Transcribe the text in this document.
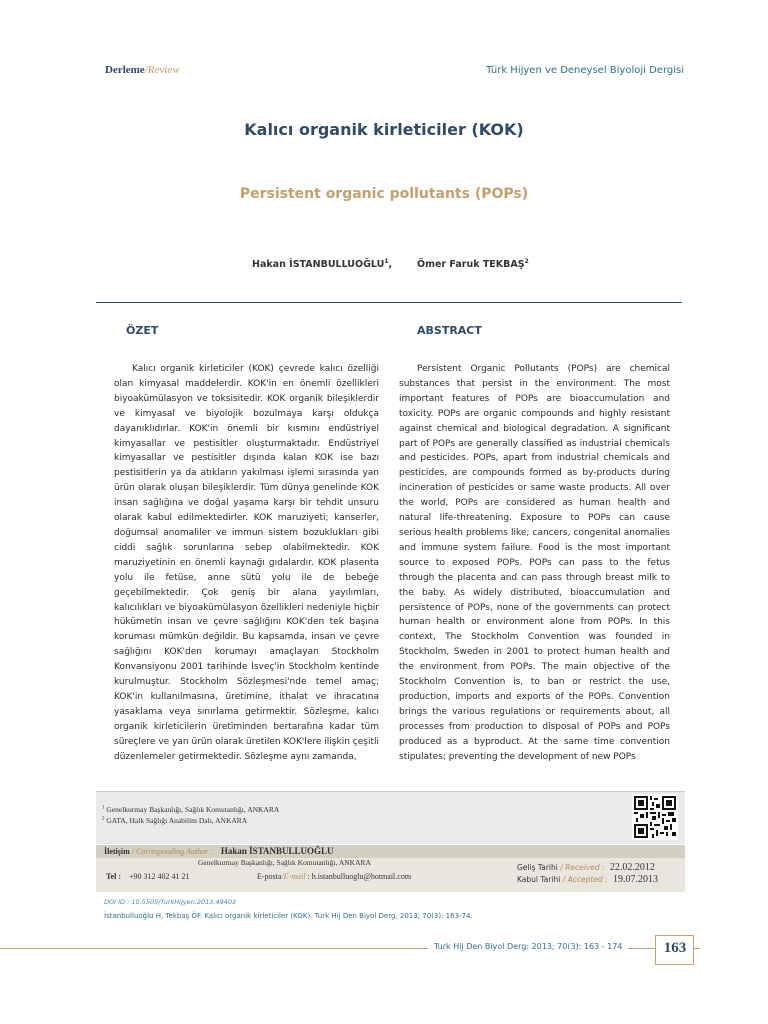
Derleme/Review	Türk Hijyen ve Deneysel Biyoloji Dergisi
Kalıcı organik kirleticiler (KOK)
Persistent organic pollutants (POPs)
Hakan İSTANBULLUOĞLU$^1$,	Ömer Faruk TEKBAŞ$^2$
ÖZET	ABSTRACT

Kalıcı organik kirleticiler (KOK) çevrede kalıcı özelliği olan kimyasal maddelerdir. KOK'in en önemli özellikleri biyoakümülasyon ve toksisitedir. KOK organik bileşiklerdir ve kimyasal ve biyolojik bozulmaya karşı oldukça dayanıklıdırlar. KOK'in önemli bir kısmını endüstriyel kimyasallar ve pestisitler oluşturmaktadır. Endüstriyel kimyasallar ve pestisitler dışında kalan KOK ise bazı pestisitlerin ya da atıkların yakılması işlemi sırasında yan ürün olarak oluşan bileşiklerdir. Tüm dünya genelinde KOK insan sağlığına ve doğal yaşama karşı bir tehdit unsuru olarak kabul edilmektedirler. KOK maruziyeti; kanserler, doğumsal anomaliler ve immun sistem bozuklukları gibi ciddi sağlık sorunlarına sebep olabilmektedir. KOK maruziyetinin en önemli kaynağı gıdalardır. KOK plasenta yolu ile fetüse, anne sütü yolu ile de bebeğe geçebilmektedir. Çok geniş bir alana yayılımları, kalıcılıkları ve biyoakümülasyon özellikleri nedeniyle hiçbir hükümetin insan ve çevre sağlığını KOK'den tek başına koruması mümkün değildir. Bu kapsamda, insan ve çevre sağlığını KOK'den korumayı amaçlayan Stockholm Konvansiyonu 2001 tarihinde İsveç'in Stockholm kentinde kurulmuştur. Stockholm Sözleşmesi'nde temel amaç; KOK'in kullanılmasına, üretimine, ithalat ve ihracatına yasaklama veya sınırlama getirmektir. Sözleşme, kalıcı organik kirleticilerin üretiminden bertarafına kadar tüm süreçlere ve yan ürün olarak üretilen KOK'lere ilişkin çeşitli düzenlemeler getirmektedir. Sözleşme aynı zamanda,

Persistent Organic Pollutants (POPs) are chemical substances that persist in the environment. The most important features of POPs are bioaccumulation and toxicity. POPs are organic compounds and highly resistant against chemical and biological degradation. A significant part of POPs are generally classified as industrial chemicals and pesticides. POPs, apart from industrial chemicals and pesticides, are compounds formed as by-products during incineration of pesticides or same waste products. All over the world, POPs are considered as human health and natural life-threatening. Exposure to POPs can cause serious health problems like; cancers, congenital anomalies and immune system failure. Food is the most important source to exposed POPs. POPs can pass to the fetus through the placenta and can pass through breast milk to the baby. As widely distributed, bioaccumulation and persistence of POPs, none of the governments can protect human health or environment alone from POPs. In this context, The Stockholm Convention was founded in Stockholm, Sweden in 2001 to protect human health and the environment from POPs. The main objective of the Stockholm Convention is, to ban or restrict the use, production, imports and exports of the POPs. Convention brings the various regulations or requirements about, all processes from production to disposal of POPs and POPs produced as a byproduct. At the same time convention stipulates; preventing the development of new POPs

$^1$ Genelkurmay Başkanlığı, Sağlık Komutanlığı, ANKARA
$^2$ GATA, Halk Sağlığı Anabilim Dalı, ANKARA
İletişim / Corresponding Author : Hakan İSTANBULLUOĞLU
Genelkurmay Başkanlığı, Sağlık Komutanlığı, ANKARA
Tel : +90 312 402 41 21	E-posta/E-mail : h.istanbulluoglu@hotmail.com
Geliş Tarihi / Received : 22.02.2012
Kabul Tarihi / Accepted : 19.07.2013
DOI ID : 10.5505/TurkHijyen.2013.49403
İstanbulluoğlu H, Tekbaş ÖF. Kalıcı organik kirleticiler (KOK). Turk Hij Den Biyol Derg, 2013; 70(3): 163-74.
Turk Hij Den Biyol Derg: 2013; 70(3): 163 - 174	163
